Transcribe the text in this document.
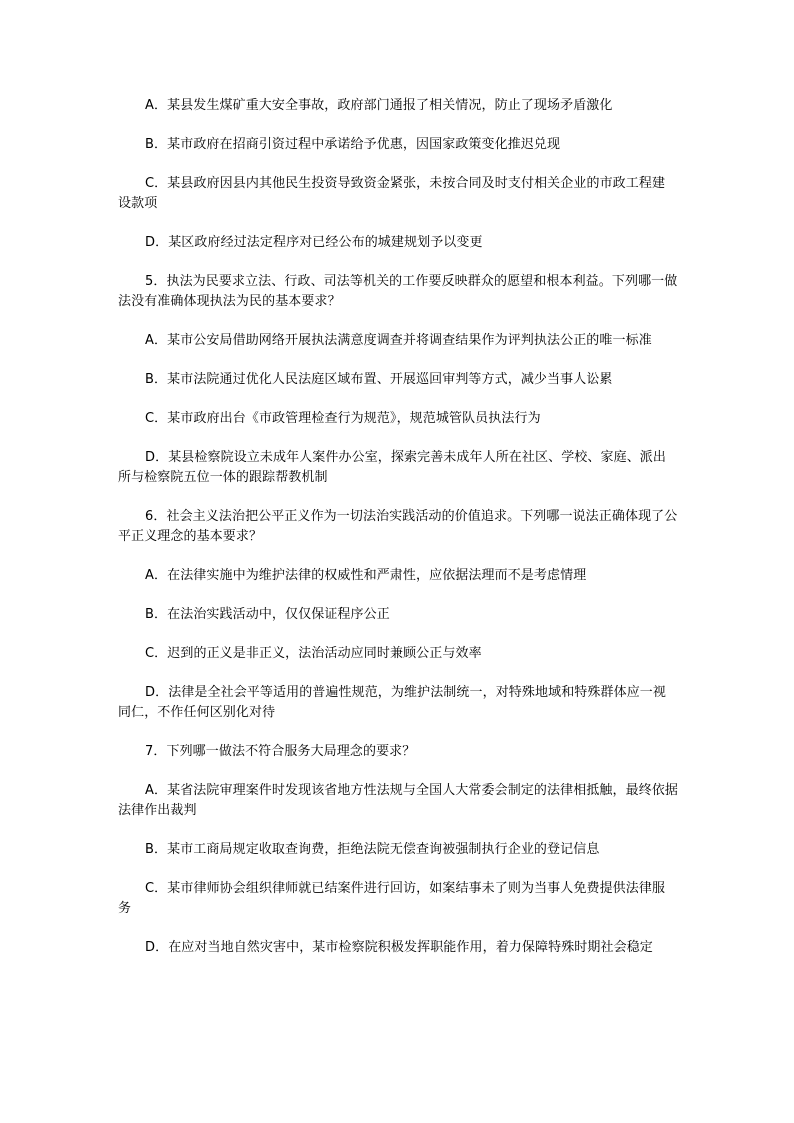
A．某县发生煤矿重大安全事故，政府部门通报了相关情况，防止了现场矛盾激化

B．某市政府在招商引资过程中承诺给予优惠，因国家政策变化推迟兑现

C．某县政府因县内其他民生投资导致资金紧张，未按合同及时支付相关企业的市政工程建设款项

D．某区政府经过法定程序对已经公布的城建规划予以变更

5．执法为民要求立法、行政、司法等机关的工作要反映群众的愿望和根本利益。下列哪一做法没有准确体现执法为民的基本要求？

A．某市公安局借助网络开展执法满意度调查并将调查结果作为评判执法公正的唯一标准

B．某市法院通过优化人民法庭区域布置、开展巡回审判等方式，减少当事人讼累

C．某市政府出台《市政管理检查行为规范》，规范城管队员执法行为

D．某县检察院设立未成年人案件办公室，探索完善未成年人所在社区、学校、家庭、派出所与检察院五位一体的跟踪帮教机制

6．社会主义法治把公平正义作为一切法治实践活动的价值追求。下列哪一说法正确体现了公平正义理念的基本要求？

A．在法律实施中为维护法律的权威性和严肃性，应依据法理而不是考虑情理

B．在法治实践活动中，仅仅保证程序公正

C．迟到的正义是非正义，法治活动应同时兼顾公正与效率

D．法律是全社会平等适用的普遍性规范，为维护法制统一，对特殊地域和特殊群体应一视同仁，不作任何区别化对待

7．下列哪一做法不符合服务大局理念的要求？

A．某省法院审理案件时发现该省地方性法规与全国人大常委会制定的法律相抵触，最终依据法律作出裁判

B．某市工商局规定收取查询费，拒绝法院无偿查询被强制执行企业的登记信息

C．某市律师协会组织律师就已结案件进行回访，如案结事未了则为当事人免费提供法律服务

D．在应对当地自然灾害中，某市检察院积极发挥职能作用，着力保障特殊时期社会稳定
